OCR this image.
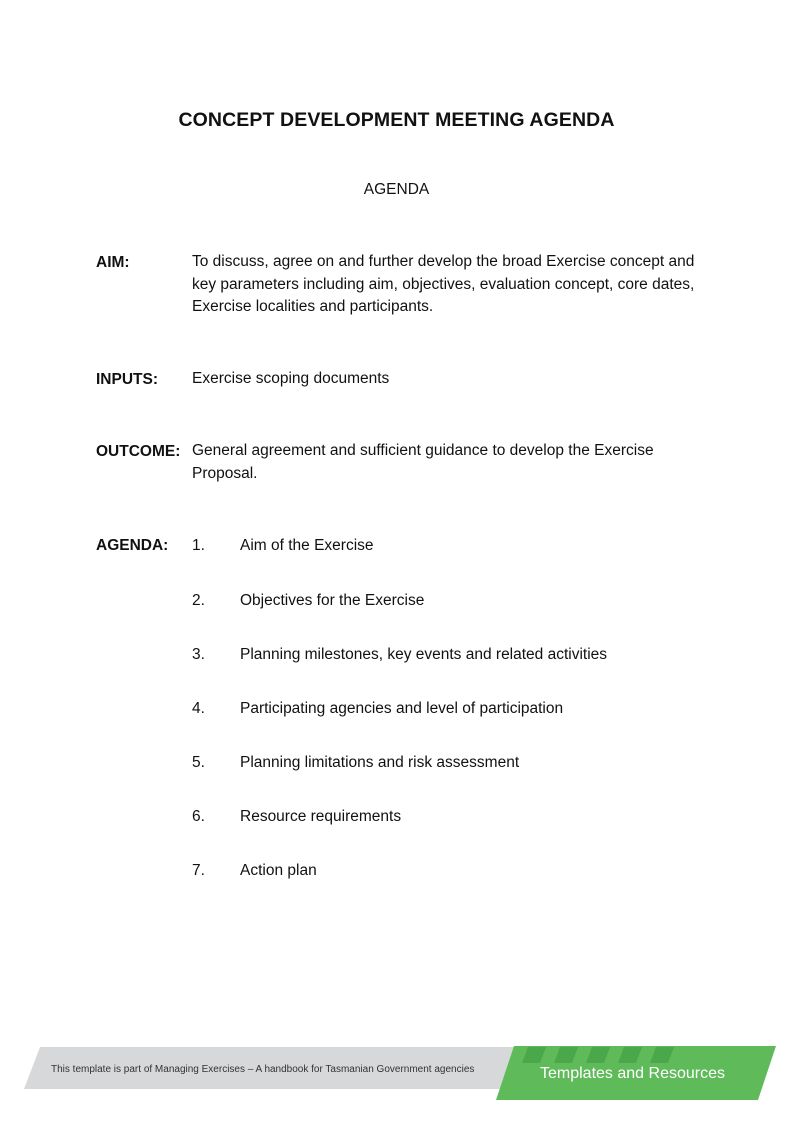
CONCEPT DEVELOPMENT MEETING AGENDA
AGENDA
AIM:	To discuss, agree on and further develop the broad Exercise concept and key parameters including aim, objectives, evaluation concept, core dates, Exercise localities and participants.
INPUTS: Exercise scoping documents
OUTCOME: General agreement and sufficient guidance to develop the Exercise Proposal.
AGENDA: 1.	Aim of the Exercise
2.	Objectives for the Exercise
3.	Planning milestones, key events and related activities
4.	Participating agencies and level of participation
5.	Planning limitations and risk assessment
6.	Resource requirements
7.	Action plan
This template is part of Managing Exercises – A handbook for Tasmanian Government agencies	Templates and Resources
